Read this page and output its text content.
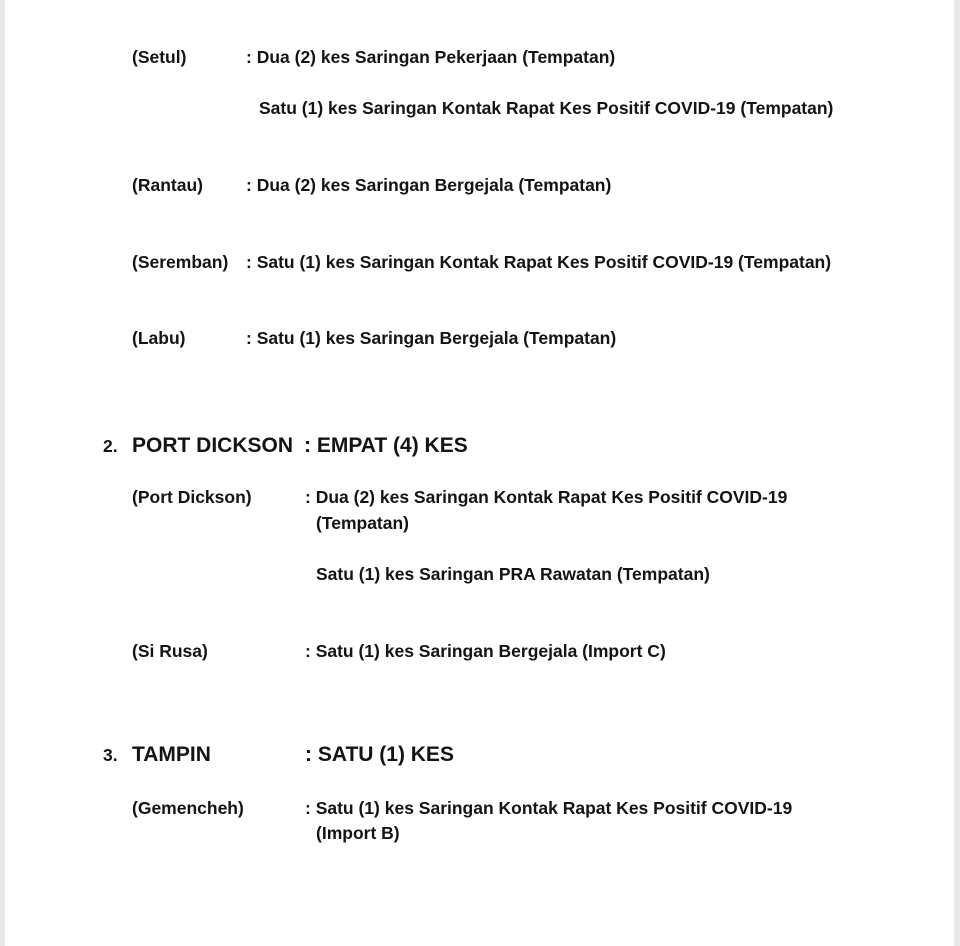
(Setul)	: Dua (2) kes Saringan Pekerjaan (Tempatan)
Satu (1) kes Saringan Kontak Rapat Kes Positif COVID-19 (Tempatan)
(Rantau) : Dua (2) kes Saringan Bergejala (Tempatan)
(Seremban) : Satu (1) kes Saringan Kontak Rapat Kes Positif COVID-19 (Tempatan)
(Labu)	: Satu (1) kes Saringan Bergejala (Tempatan)
2. PORT DICKSON : EMPAT (4) KES
(Port Dickson)	: Dua (2) kes Saringan Kontak Rapat Kes Positif COVID-19
(Tempatan)
Satu (1) kes Saringan PRA Rawatan (Tempatan)
(Si Rusa)	: Satu (1) kes Saringan Bergejala (Import C)
3. TAMPIN	: SATU (1) KES
(Gemencheh)	: Satu (1) kes Saringan Kontak Rapat Kes Positif COVID-19
(Import B)
